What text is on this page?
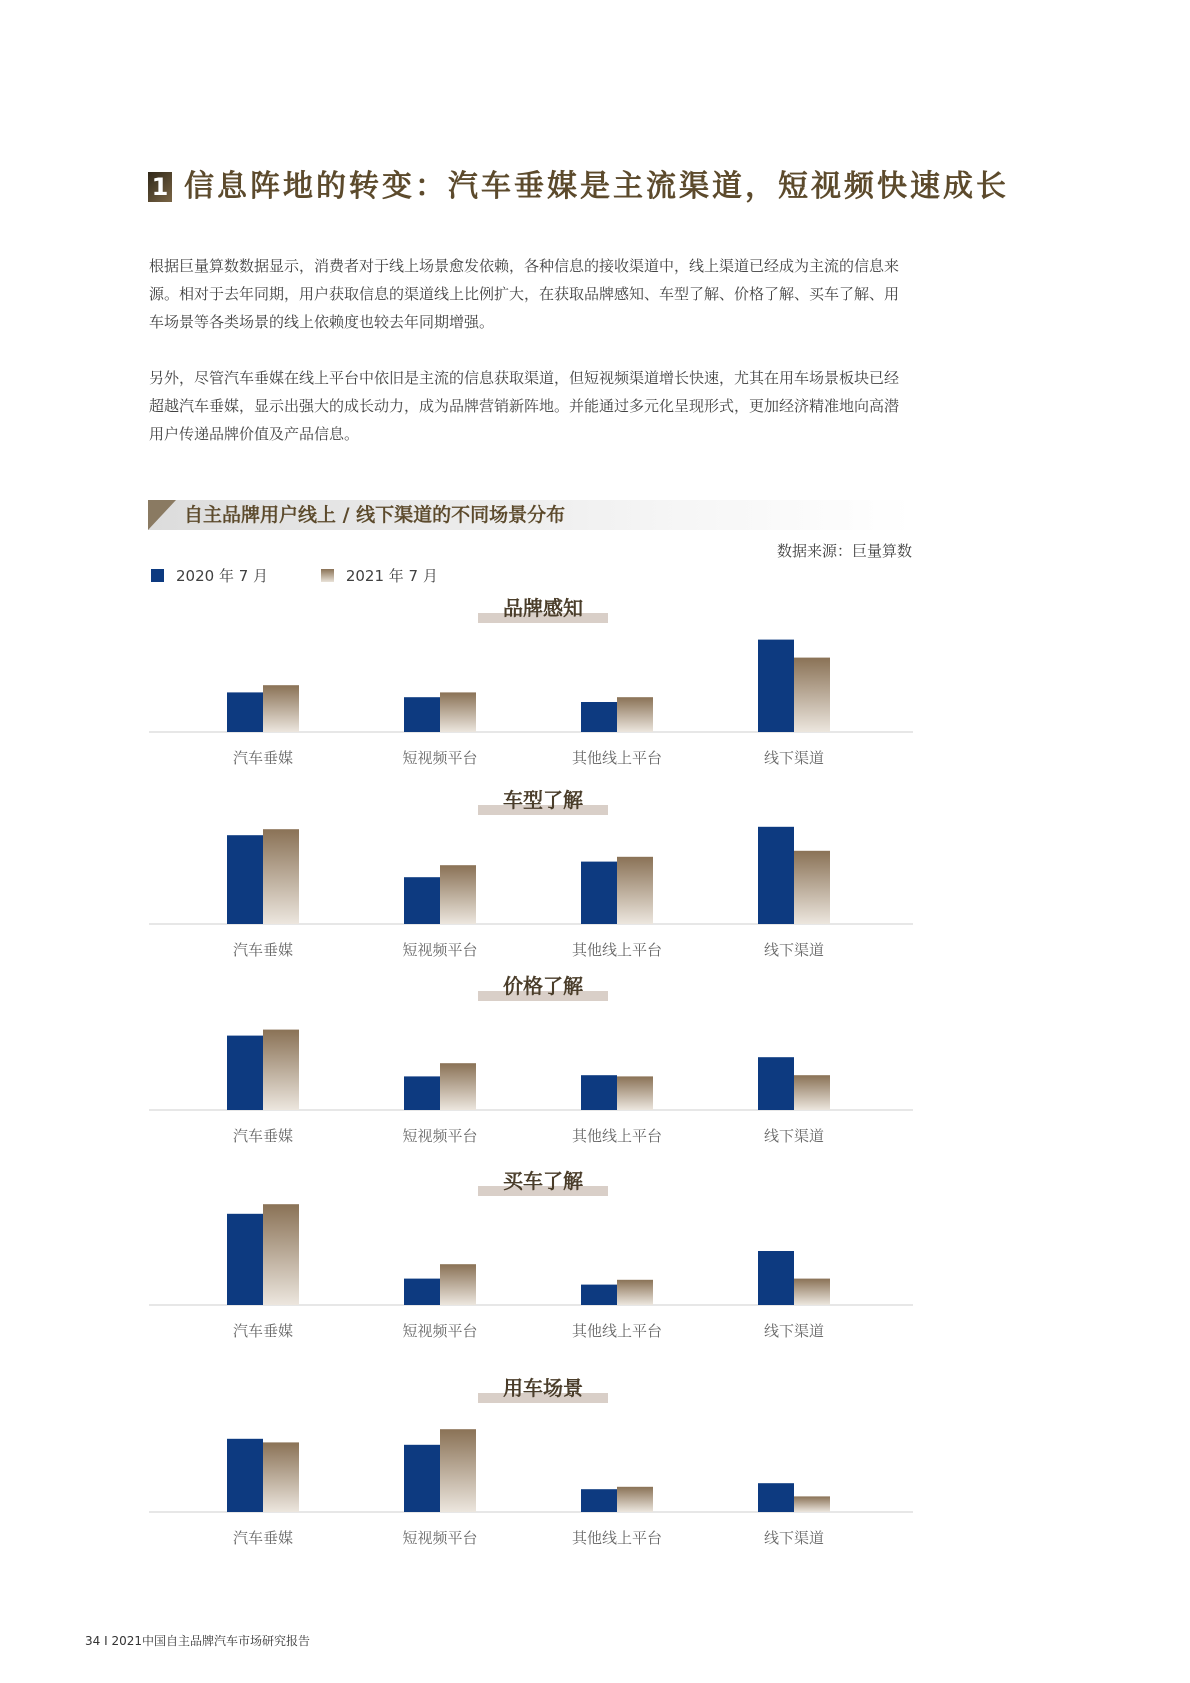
1 信息阵地的转变：汽车垂媒是主流渠道，短视频快速成长

根据巨量算数数据显示，消费者对于线上场景愈发依赖，各种信息的接收渠道中，线上渠道已经成为主流的信息来源。相对于去年同期，用户获取信息的渠道线上比例扩大，在获取品牌感知、车型了解、价格了解、买车了解、用车场景等各类场景的线上依赖度也较去年同期增强。

另外，尽管汽车垂媒在线上平台中依旧是主流的信息获取渠道，但短视频渠道增长快速，尤其在用车场景板块已经超越汽车垂媒，显示出强大的成长动力，成为品牌营销新阵地。并能通过多元化呈现形式，更加经济精准地向高潜用户传递品牌价值及产品信息。

自主品牌用户线上 / 线下渠道的不同场景分布
数据来源：巨量算数
2020 年 7 月	2021 年 7 月
品牌感知
汽车垂媒	短视频平台	其他线上平台	线下渠道
车型了解
汽车垂媒	短视频平台	其他线上平台	线下渠道
价格了解
汽车垂媒	短视频平台	其他线上平台	线下渠道
买车了解
汽车垂媒	短视频平台	其他线上平台	线下渠道
用车场景
汽车垂媒	短视频平台	其他线上平台	线下渠道
34 I 2021中国自主品牌汽车市场研究报告
